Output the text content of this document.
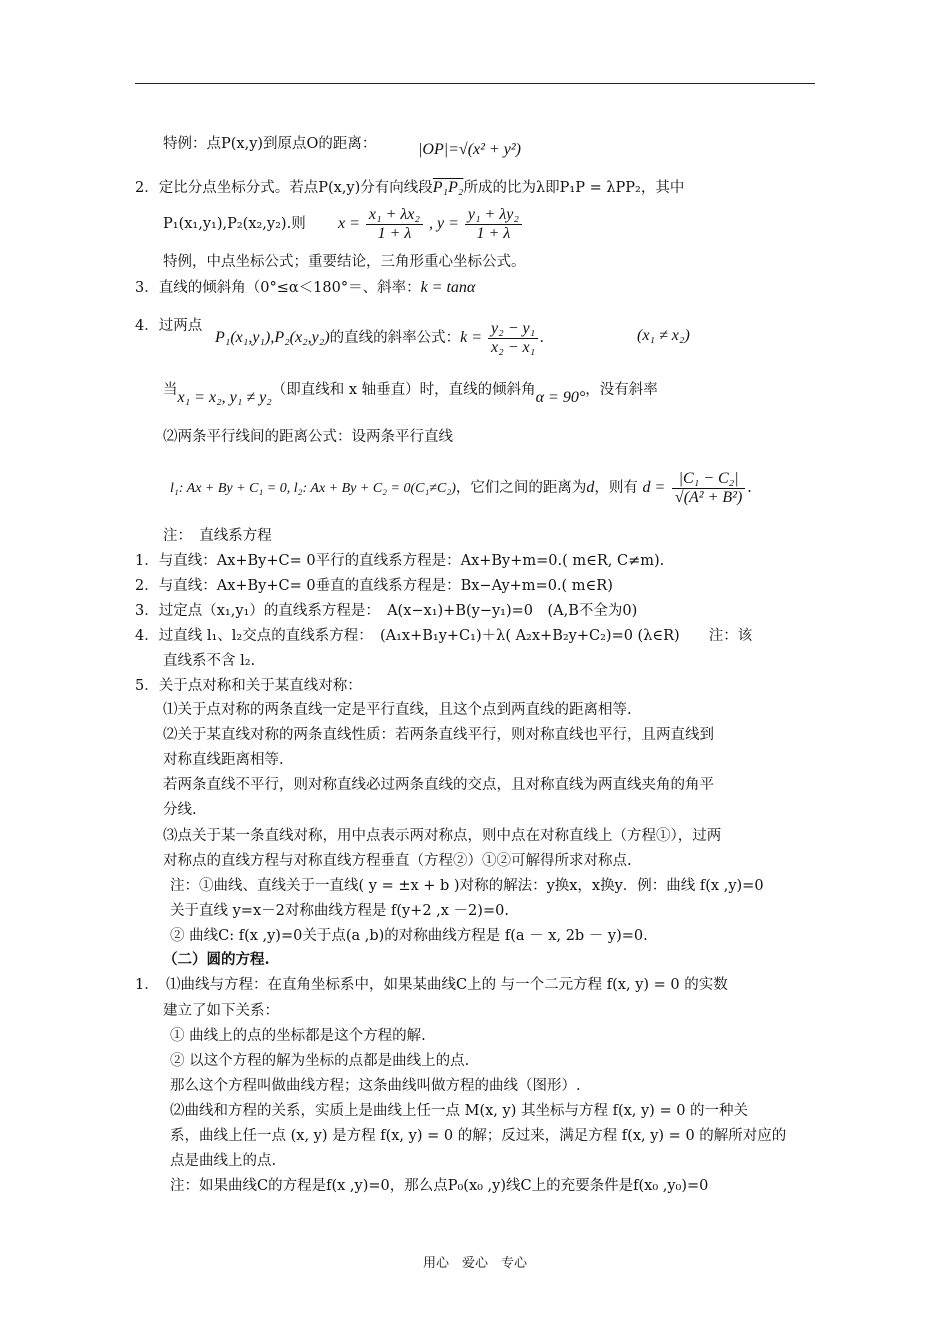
特例：点P(x,y)到原点O的距离：	|OP|=√(x² + y²)
2．定比分点坐标分式。若点P(x,y)分有向线段P₁P₂所成的比为λ即P₁P = λPP₂，其中
P₁(x₁,y₁),P₂(x₂,y₂).则 $x = \frac{\text{x₁ + λx₂}}{1 + \lambda}$ , $y = \frac{\text{y₁ + λy₂}}{1 + \lambda}$
特例，中点坐标公式；重要结论，三角形重心坐标公式。
3．直线的倾斜角（0°≤α＜180°＝、斜率：k = tanα
4．过两点
P₁(x₁,y₁),P₂(x₂,y₂)的直线的斜率公式：$k = \frac{\text{y₂ − y₁}}{\text{x₂ − x₁}}$ .	(x₁ ≠ x₂)
当x₁ = x₂, y₁ ≠ y₂（即直线和 x 轴垂直）时，直线的倾斜角α = 90°，没有斜率
⑵两条平行线间的距离公式：设两条平行直线
l₁: Ax + By + C₁ = 0, l₂: Ax + By + C₂ = 0(C₁≠C₂)，它们之间的距离为d，则有 $d = \frac{\text{|C₁ − C₂|}}{\text{√(A² + B²)}}$ .
注：　直线系方程
1．与直线：Ax+By+C= 0平行的直线系方程是：Ax+By+m=0.( m∈R, C≠m).
2．与直线：Ax+By+C= 0垂直的直线系方程是：Bx−Ay+m=0.( m∈R)
3．过定点（x₁,y₁）的直线系方程是：　A(x−x₁)+B(y−y₁)=0　(A,B不全为0)
4．过直线 l₁、l₂交点的直线系方程：　(A₁x+B₁y+C₁)＋λ( A₂x+B₂y+C₂)=0 (λ∈R)　　注：该
直线系不含 l₂.
5．关于点对称和关于某直线对称：
⑴关于点对称的两条直线一定是平行直线，且这个点到两直线的距离相等.
⑵关于某直线对称的两条直线性质：若两条直线平行，则对称直线也平行，且两直线到
对称直线距离相等.
若两条直线不平行，则对称直线必过两条直线的交点，且对称直线为两直线夹角的角平
分线.
⑶点关于某一条直线对称，用中点表示两对称点，则中点在对称直线上（方程①），过两
对称点的直线方程与对称直线方程垂直（方程②）①②可解得所求对称点.
注：①曲线、直线关于一直线( y = ±x + b )对称的解法：y换x，x换y．例：曲线 f(x ,y)=0
关于直线 y=x－2对称曲线方程是 f(y+2 ,x －2)=0.
② 曲线C: f(x ,y)=0关于点(a ,b)的对称曲线方程是 f(a － x, 2b － y)=0.
（二）圆的方程.
1．　⑴曲线与方程：在直角坐标系中，如果某曲线C上的 与一个二元方程 f(x, y) = 0 的实数
建立了如下关系：
① 曲线上的点的坐标都是这个方程的解.
② 以这个方程的解为坐标的点都是曲线上的点.
那么这个方程叫做曲线方程；这条曲线叫做方程的曲线（图形）.
⑵曲线和方程的关系，实质上是曲线上任一点 M(x, y) 其坐标与方程 f(x, y) = 0 的一种关
系，曲线上任一点 (x, y) 是方程 f(x, y) = 0 的解；反过来，满足方程 f(x, y) = 0 的解所对应的
点是曲线上的点.
注：如果曲线C的方程是f(x ,y)=0，那么点P₀(x₀ ,y)线C上的充要条件是f(x₀ ,y₀)=0
用心　爱心　专心
